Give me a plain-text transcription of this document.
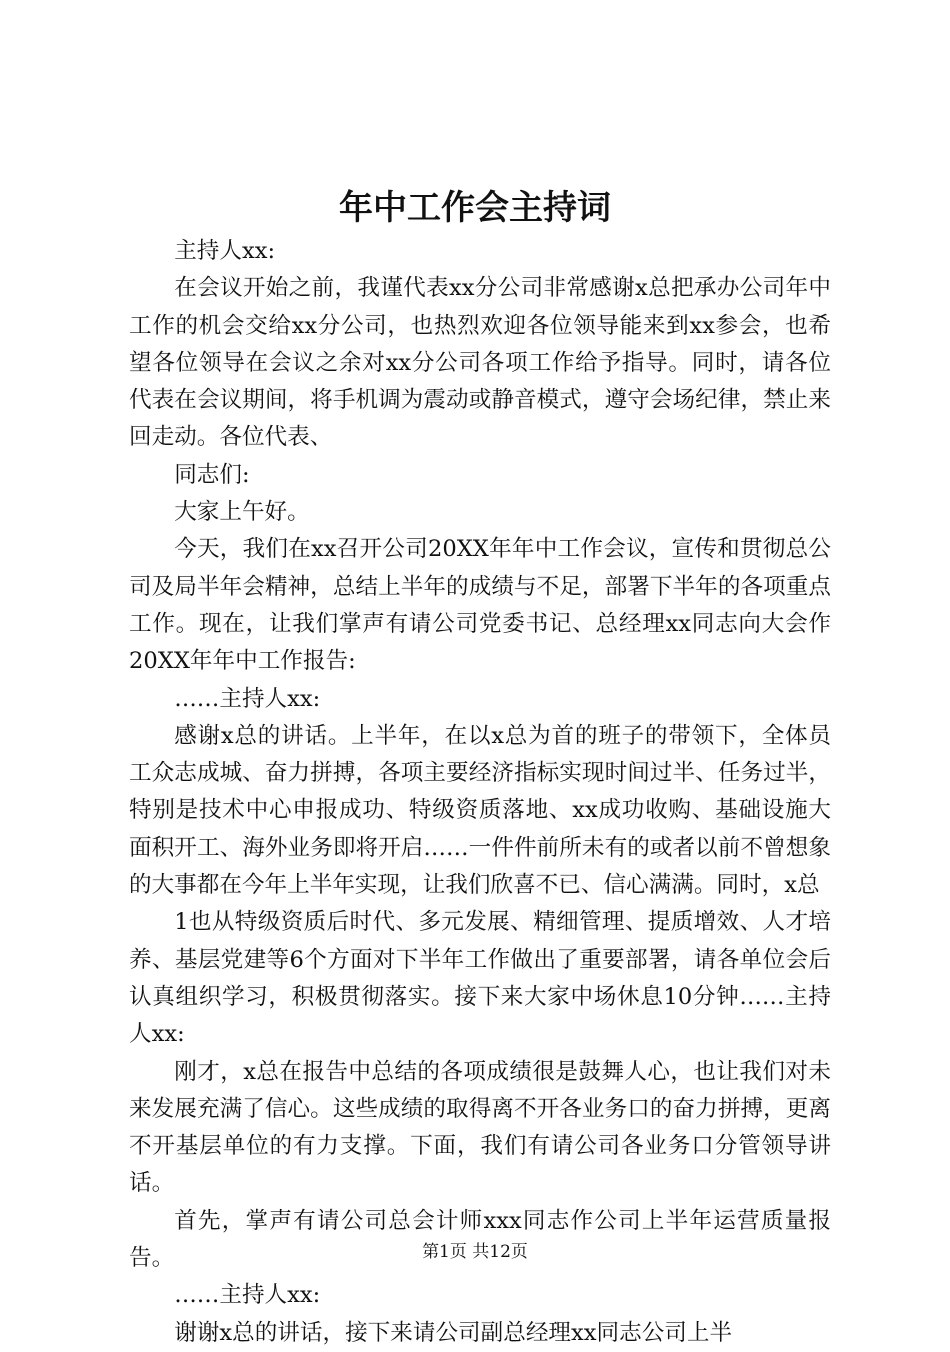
年中工作会主持词

主持人xx:

在会议开始之前，我谨代表xx分公司非常感谢x总把承办公司年中工作的机会交给xx分公司，也热烈欢迎各位领导能来到xx参会，也希望各位领导在会议之余对xx分公司各项工作给予指导。同时，请各位代表在会议期间，将手机调为震动或静音模式，遵守会场纪律，禁止来回走动。各位代表、

同志们:

大家上午好。

今天，我们在xx召开公司20XX年年中工作会议，宣传和贯彻总公司及局半年会精神，总结上半年的成绩与不足，部署下半年的各项重点工作。现在，让我们掌声有请公司党委书记、总经理xx同志向大会作20XX年年中工作报告:

……主持人xx:

感谢x总的讲话。上半年，在以x总为首的班子的带领下，全体员工众志成城、奋力拼搏，各项主要经济指标实现时间过半、任务过半，特别是技术中心申报成功、特级资质落地、xx成功收购、基础设施大面积开工、海外业务即将开启……一件件前所未有的或者以前不曾想象的大事都在今年上半年实现，让我们欣喜不已、信心满满。同时，x总

1也从特级资质后时代、多元发展、精细管理、提质增效、人才培养、基层党建等6个方面对下半年工作做出了重要部署，请各单位会后认真组织学习，积极贯彻落实。接下来大家中场休息10分钟……主持人xx:

刚才，x总在报告中总结的各项成绩很是鼓舞人心，也让我们对未来发展充满了信心。这些成绩的取得离不开各业务口的奋力拼搏，更离不开基层单位的有力支撑。下面，我们有请公司各业务口分管领导讲话。

首先，掌声有请公司总会计师xxx同志作公司上半年运营质量报告。

……主持人xx:

谢谢x总的讲话，接下来请公司副总经理xx同志公司上半

第1页 共12页
